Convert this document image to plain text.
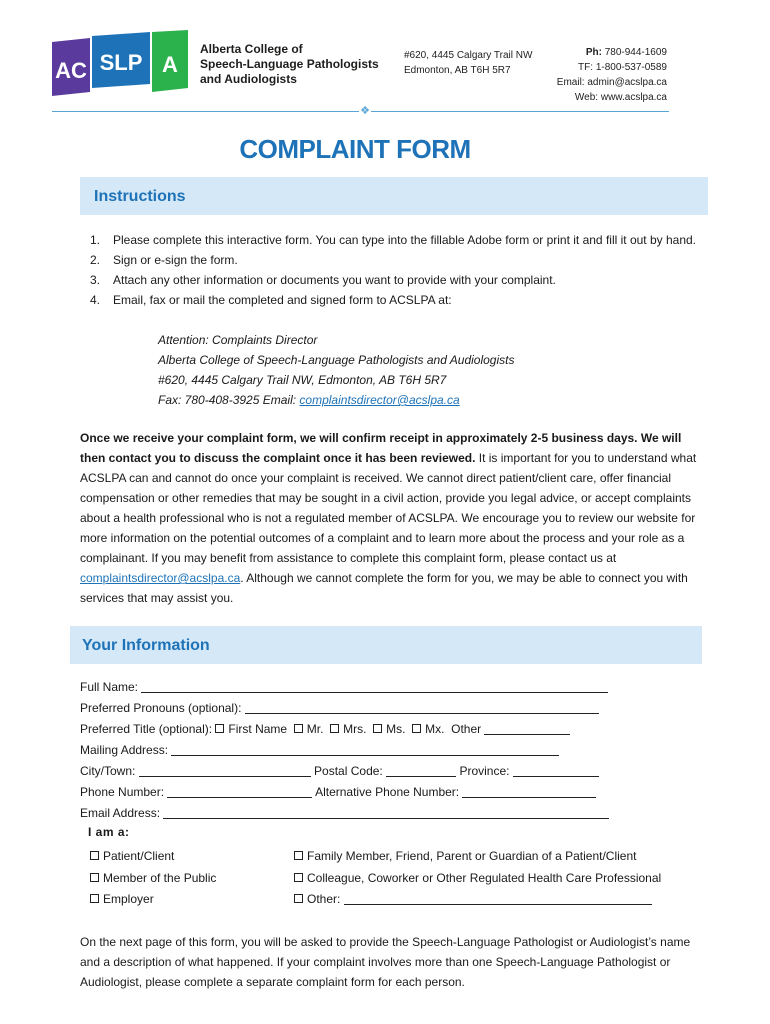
AC SLP A
Alberta College of
Speech-Language Pathologists
and Audiologists
#620, 4445 Calgary Trail NW
Edmonton, AB T6H 5R7
Ph: 780-944-1609
TF: 1-800-537-0589
Email: admin@acslpa.ca
Web: www.acslpa.ca
❖
COMPLAINT FORM
Instructions
1. Please complete this interactive form. You can type into the fillable Adobe form or print it and fill it out by hand.
2. Sign or e-sign the form.
3. Attach any other information or documents you want to provide with your complaint.
4. Email, fax or mail the completed and signed form to ACSLPA at:
Attention: Complaints Director
Alberta College of Speech-Language Pathologists and Audiologists
#620, 4445 Calgary Trail NW, Edmonton, AB T6H 5R7
Fax: 780-408-3925 Email: complaintsdirector@acslpa.ca
Once we receive your complaint form, we will confirm receipt in approximately 2-5 business days. We will then contact you to discuss the complaint once it has been reviewed. It is important for you to understand what ACSLPA can and cannot do once your complaint is received. We cannot direct patient/client care, offer financial compensation or other remedies that may be sought in a civil action, provide you legal advice, or accept complaints about a health professional who is not a regulated member of ACSLPA. We encourage you to review our website for more information on the potential outcomes of a complaint and to learn more about the process and your role as a complainant. If you may benefit from assistance to complete this complaint form, please contact us at complaintsdirector@acslpa.ca. Although we cannot complete the form for you, we may be able to connect you with services that may assist you.
Your Information
Full Name:
Preferred Pronouns (optional):
Preferred Title (optional): First Name Mr. Mrs. Ms. Mx. Other
Mailing Address:
City/Town:	Postal Code:	Province:
Phone Number:	Alternative Phone Number:
Email Address:
I am a:
Patient/Client
Member of the Public
Employer
Family Member, Friend, Parent or Guardian of a Patient/Client
Colleague, Coworker or Other Regulated Health Care Professional
Other:
On the next page of this form, you will be asked to provide the Speech-Language Pathologist or Audiologist’s name and a description of what happened. If your complaint involves more than one Speech-Language Pathologist or Audiologist, please complete a separate complaint form for each person.
